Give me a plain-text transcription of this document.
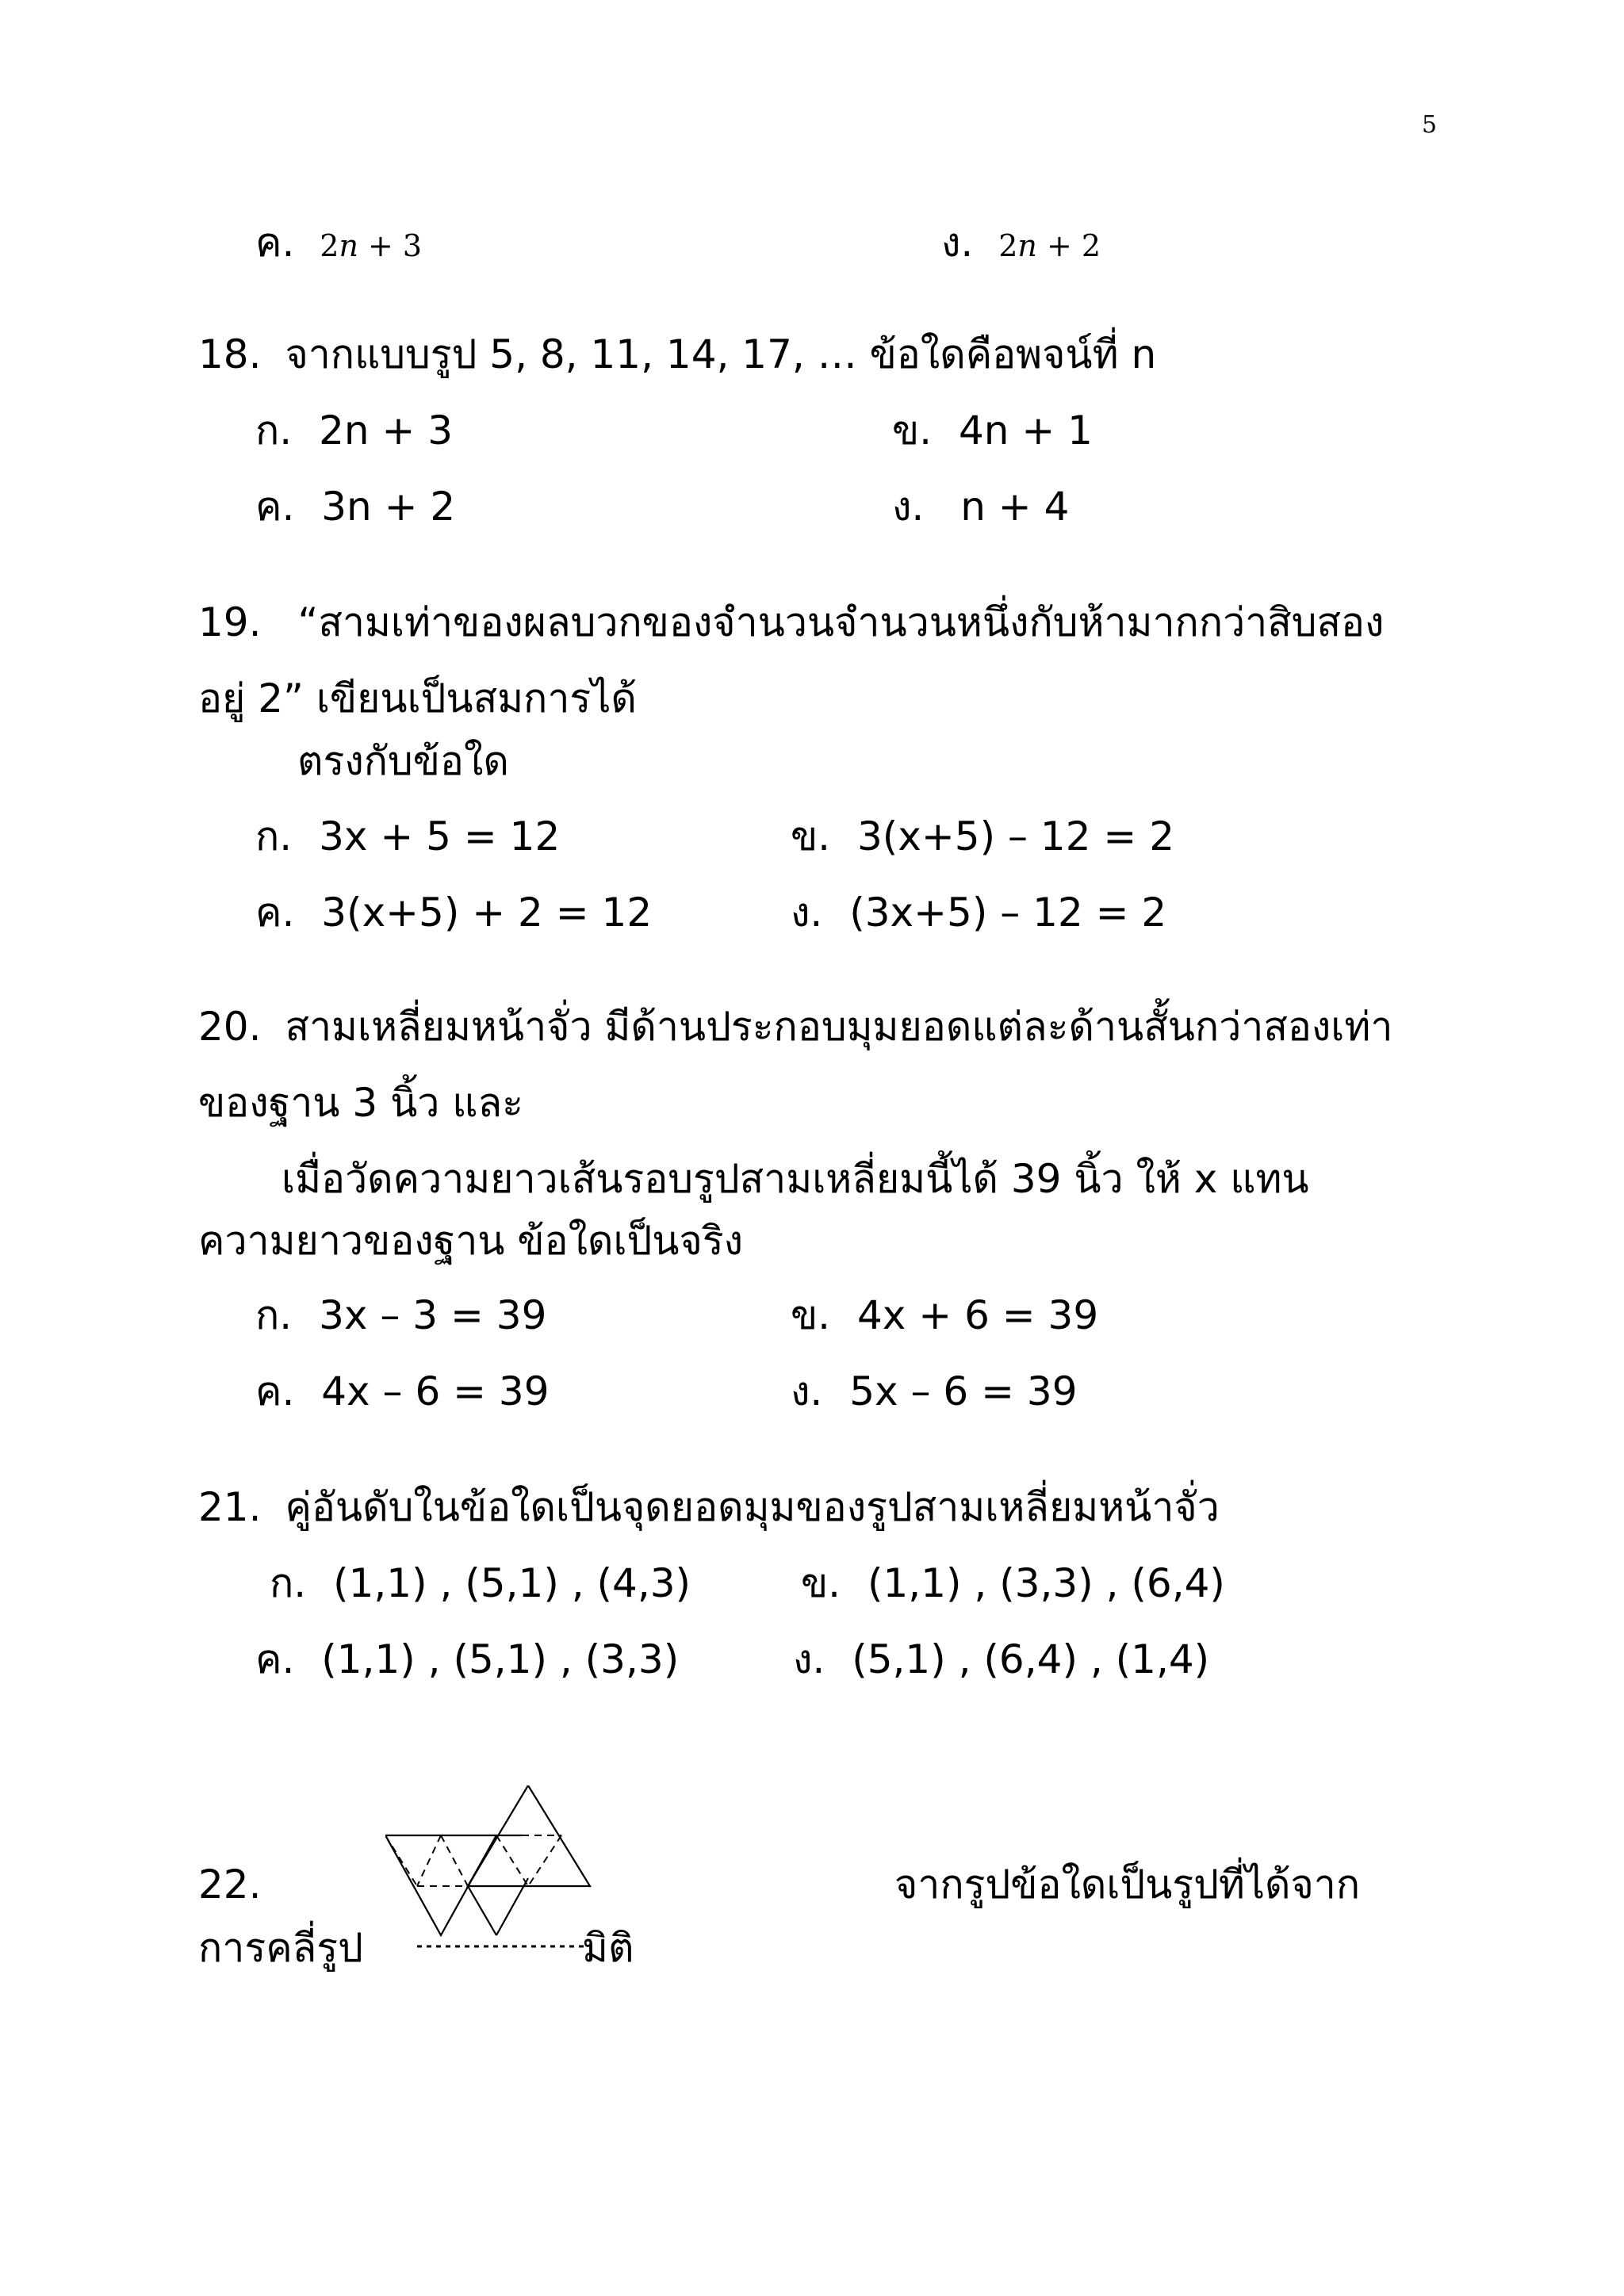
5
ค. 2n + 3	ง. 2n + 2
18. จากแบบรูป 5, 8, 11, 14, 17, … ข้อใดคือพจน์ที่ n
ก. 2n + 3	ข. 4n + 1
ค. 3n + 2	ง. n + 4
19. “สามเท่าของผลบวกของจำนวนจำนวนหนึ่งกับห้ามากกว่าสิบสอง
อยู่ 2” เขียนเป็นสมการได้
ตรงกับข้อใด
ก. 3x + 5 = 12	ข. 3(x+5) – 12 = 2
ค. 3(x+5) + 2 = 12	ง. (3x+5) – 12 = 2
20. สามเหลี่ยมหน้าจั่ว มีด้านประกอบมุมยอดแต่ละด้านสั้นกว่าสองเท่า
ของฐาน 3 นิ้ว และ
เมื่อวัดความยาวเส้นรอบรูปสามเหลี่ยมนี้ได้ 39 นิ้ว ให้ x แทน
ความยาวของฐาน ข้อใดเป็นจริง
ก. 3x – 3 = 39	ข. 4x + 6 = 39
ค. 4x – 6 = 39	ง. 5x – 6 = 39
21. คู่อันดับในข้อใดเป็นจุดยอดมุมของรูปสามเหลี่ยมหน้าจั่ว
ก. (1,1) , (5,1) , (4,3)	ข. (1,1) , (3,3) , (6,4)
ค. (1,1) , (5,1) , (3,3)	ง. (5,1) , (6,4) , (1,4)
22.	จากรูปข้อใดเป็นรูปที่ได้จาก
การคลี่รูป	มิติ
